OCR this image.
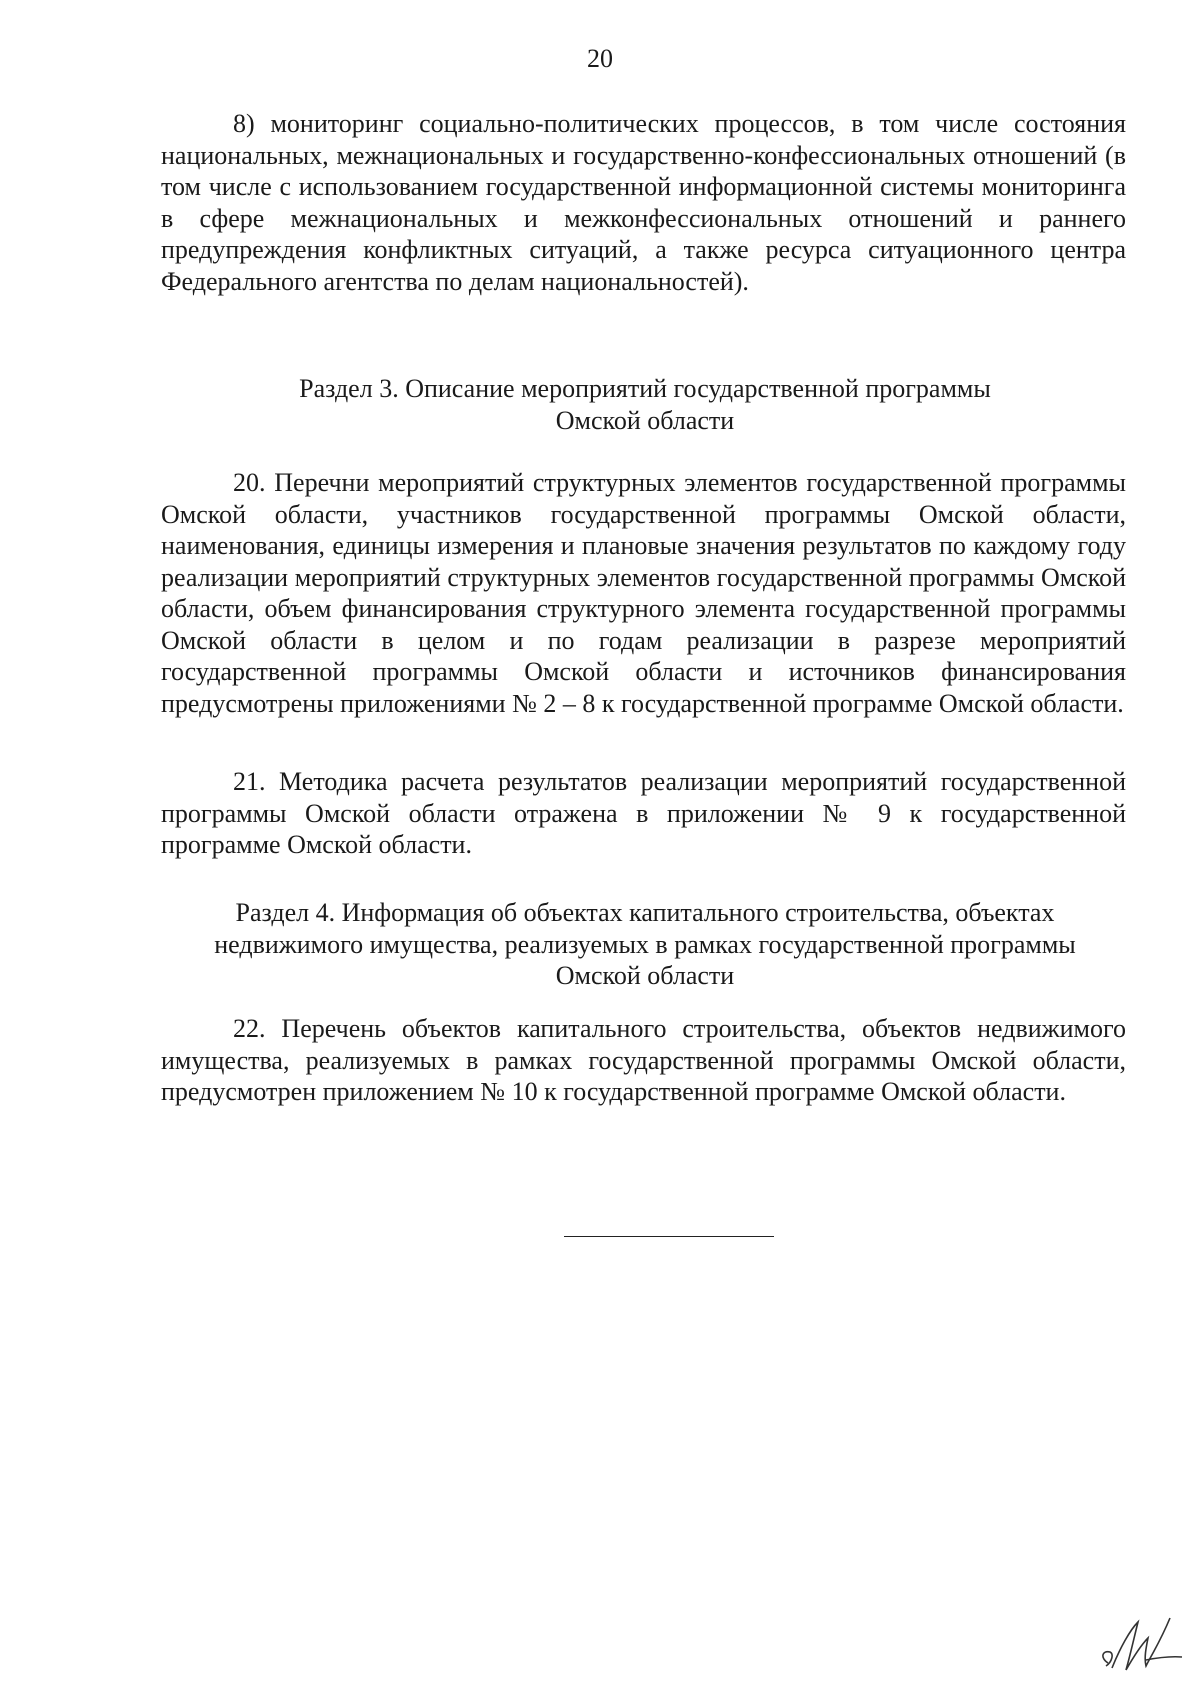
20

8) мониторинг социально-политических процессов, в том числе состояния национальных, межнациональных и государственно-конфессиональных отношений (в том числе с использованием государственной информационной системы мониторинга в сфере межнациональных и межконфессиональных отношений и раннего предупреждения конфликтных ситуаций, а также ресурса ситуационного центра Федерального агентства по делам национальностей).

Раздел 3. Описание мероприятий государственной программы
Омской области

20. Перечни мероприятий структурных элементов государственной программы Омской области, участников государственной программы Омской области, наименования, единицы измерения и плановые значения результатов по каждому году реализации мероприятий структурных элементов государственной программы Омской области, объем финансирования структурного элемента государственной программы Омской области в целом и по годам реализации в разрезе мероприятий государственной программы Омской области и источников финансирования предусмотрены приложениями № 2 – 8 к государственной программе Омской области.

21. Методика расчета результатов реализации мероприятий государственной программы Омской области отражена в приложении № 9 к государственной программе Омской области.

Раздел 4. Информация об объектах капитального строительства, объектах
недвижимого имущества, реализуемых в рамках государственной программы
Омской области

22. Перечень объектов капитального строительства, объектов недвижимого имущества, реализуемых в рамках государственной программы Омской области, предусмотрен приложением № 10 к государственной программе Омской области.
